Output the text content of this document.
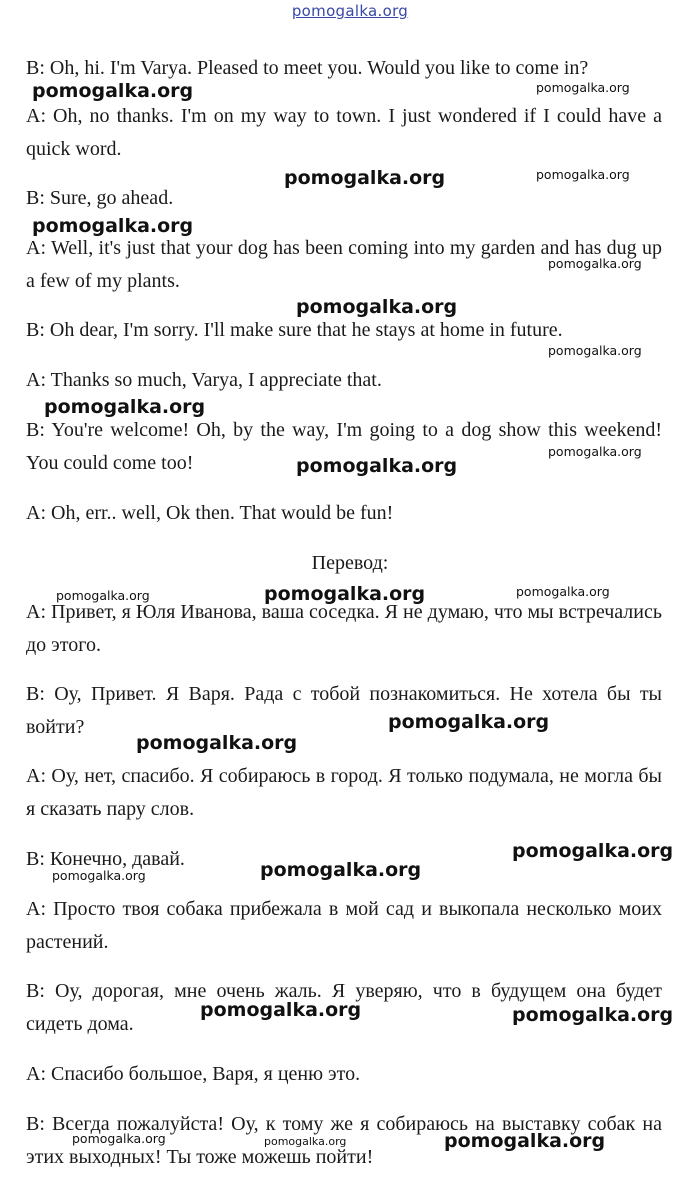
pomogalka.org

B: Oh, hi. I'm Varya. Pleased to meet you. Would you like to come in?

A: Oh, no thanks. I'm on my way to town. I just wondered if I could have a quick word.

B: Sure, go ahead.

A: Well, it's just that your dog has been coming into my garden and has dug up a few of my plants.

B: Oh dear, I'm sorry. I'll make sure that he stays at home in future.

A: Thanks so much, Varya, I appreciate that.

B: You're welcome! Oh, by the way, I'm going to a dog show this weekend! You could come too!

A: Oh, err.. well, Ok then. That would be fun!

Перевод:

A: Привет, я Юля Иванова, ваша соседка. Я не думаю, что мы встречались до этого.

B: Оу, Привет. Я Варя. Рада с тобой познакомиться. Не хотела бы ты войти?

A: Оу, нет, спасибо. Я собираюсь в город. Я только подумала, не могла бы я сказать пару слов.

B: Конечно, давай.

A: Просто твоя собака прибежала в мой сад и выкопала несколько моих растений.

B: Оу, дорогая, мне очень жаль. Я уверяю, что в будущем она будет сидеть дома.

A: Спасибо большое, Варя, я ценю это.

B: Всегда пожалуйста! Оу, к тому же я собираюсь на выставку собак на этих выходных! Ты тоже можешь пойти!

pomogalka.org	pomogalka.org
pomogalka.org	pomogalka.org
pomogalka.org
pomogalka.org
pomogalka.org
pomogalka.org
pomogalka.org
pomogalka.org
pomogalka.org
pomogalka.org	pomogalka.org	pomogalka.org
pomogalka.org
pomogalka.org
pomogalka.org
pomogalka.org
pomogalka.org
pomogalka.org	pomogalka.org
pomogalka.org	pomogalka.org	pomogalka.org
